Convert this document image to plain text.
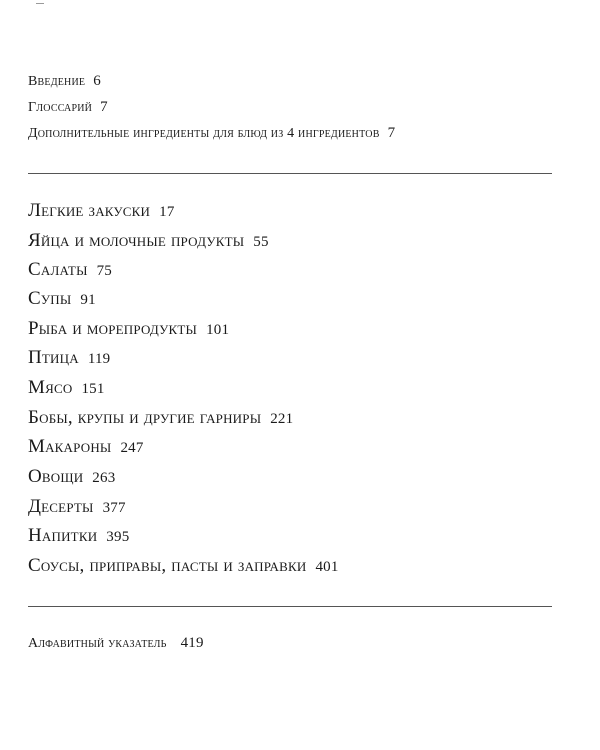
Введение 6
Глоссарий 7
Дополнительные ингредиенты для блюд из 4 ингредиентов 7
Легкие закуски 17
Яйца и молочные продукты 55
Салаты 75
Супы 91
Рыба и морепродукты 101
Птица 119
Мясо 151
Бобы, крупы и другие гарниры 221
Макароны 247
Овощи 263
Десерты 377
Напитки 395
Соусы, приправы, пасты и заправки 401
Алфавитный указатель 419
